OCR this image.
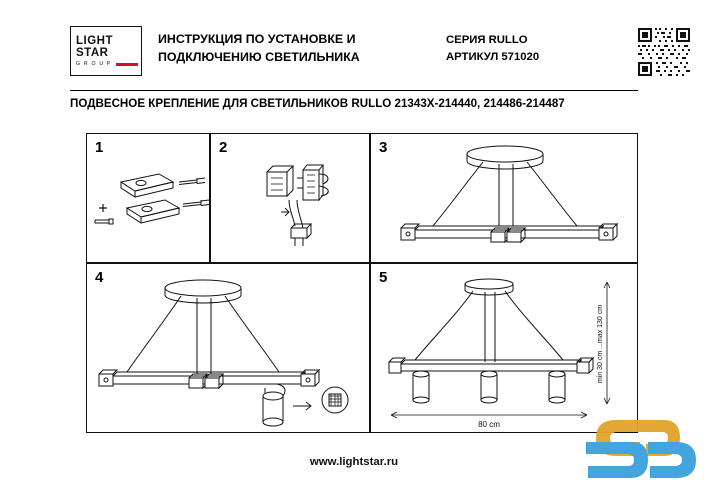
LIGHT
STAR
G R O U P
ИНСТРУКЦИЯ ПО УСТАНОВКЕ И
ПОДКЛЮЧЕНИЮ СВЕТИЛЬНИКА
СЕРИЯ RULLO
АРТИКУЛ 571020
ПОДВЕСНОЕ КРЕПЛЕНИЕ ДЛЯ СВЕТИЛЬНИКОВ RULLO 21343X-214440, 214486-214487
1	2	3
4	5
80 cm
min 30 cm ...max 130 cm
www.lightstar.ru
